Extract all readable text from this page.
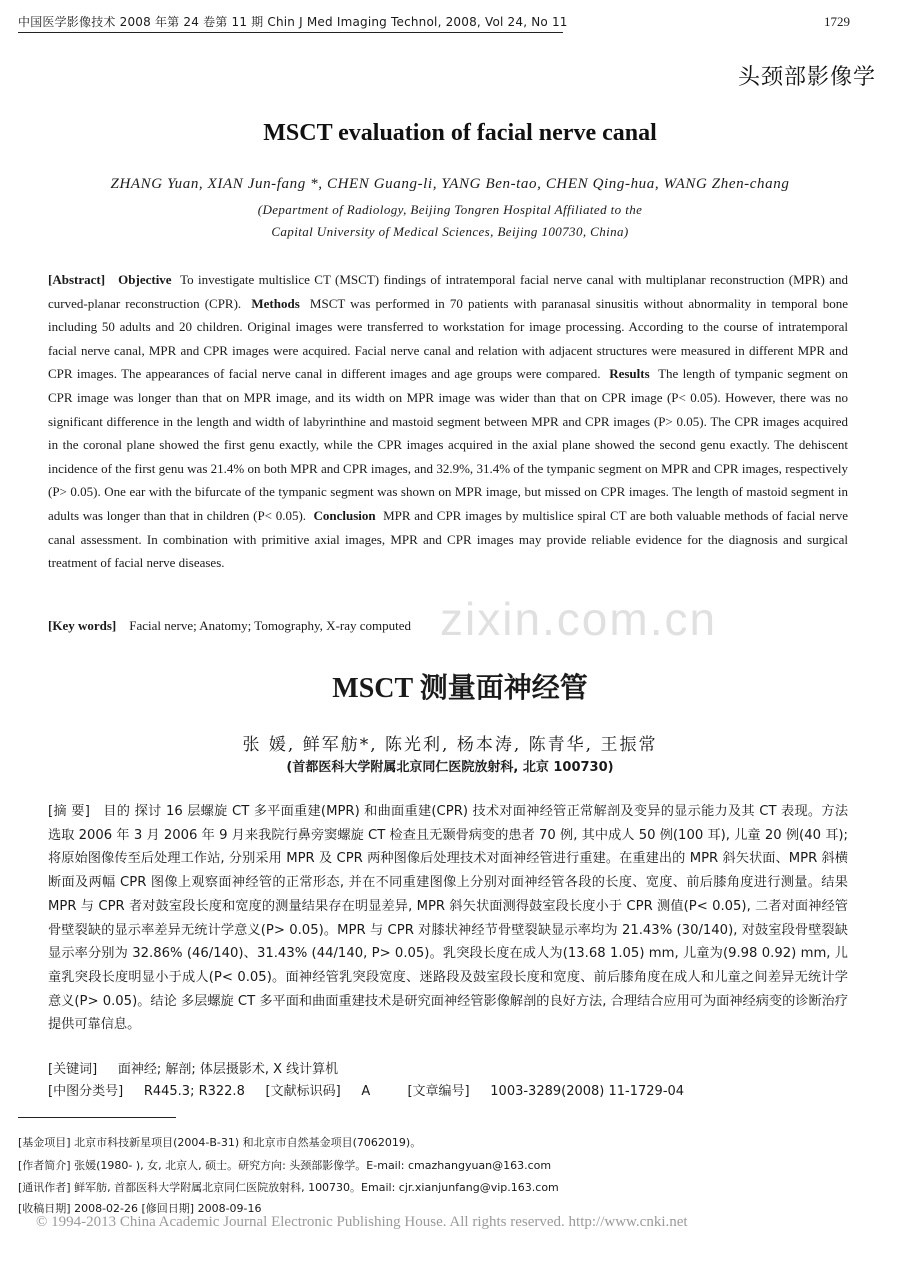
中国医学影像技术 2008 年第 24 卷第 11 期 Chin J Med Imaging Technol, 2008, Vol 24, No 11	1729
头颈部影像学
MSCT evaluation of facial nerve canal
ZHANG Yuan, XIAN Jun-fang *, CHEN Guang-li, YANG Ben-tao, CHEN Qing-hua, WANG Zhen-chang
(Department of Radiology, Beijing Tongren Hospital Affiliated to the
Capital University of Medical Sciences, Beijing 100730, China)
[Abstract] Objective To investigate multislice CT (MSCT) findings of intratemporal facial nerve canal with multiplanar reconstruction (MPR) and curved-planar reconstruction (CPR). Methods MSCT was performed in 70 patients with paranasal sinusitis without abnormality in temporal bone including 50 adults and 20 children. Original images were transferred to workstation for image processing. According to the course of intratemporal facial nerve canal, MPR and CPR images were acquired. Facial nerve canal and relation with adjacent structures were measured in different MPR and CPR images. The appearances of facial nerve canal in different images and age groups were compared. Results The length of tympanic segment on CPR image was longer than that on MPR image, and its width on MPR image was wider than that on CPR image (P< 0.05). However, there was no significant difference in the length and width of labyrinthine and mastoid segment between MPR and CPR images (P> 0.05). The CPR images acquired in the coronal plane showed the first genu exactly, while the CPR images acquired in the axial plane showed the second genu exactly. The dehiscent incidence of the first genu was 21.4% on both MPR and CPR images, and 32.9%, 31.4% of the tympanic segment on MPR and CPR images, respectively (P> 0.05). One ear with the bifurcate of the tympanic segment was shown on MPR image, but missed on CPR images. The length of mastoid segment in adults was longer than that in children (P< 0.05). Conclusion MPR and CPR images by multislice spiral CT are both valuable methods of facial nerve canal assessment. In combination with primitive axial images, MPR and CPR images may provide reliable evidence for the diagnosis and surgical treatment of facial nerve diseases.
zixin.com.cn
[Key words] Facial nerve; Anatomy; Tomography, X-ray computed
MSCT 测量面神经管
张 媛, 鲜军舫*, 陈光利, 杨本涛, 陈青华, 王振常
(首都医科大学附属北京同仁医院放射科, 北京 100730)
[摘 要] 目的 探讨 16 层螺旋 CT 多平面重建(MPR) 和曲面重建(CPR) 技术对面神经管正常解剖及变异的显示能力及其 CT 表现。方法 选取 2006 年 3 月 2006 年 9 月来我院行鼻旁窦螺旋 CT 检查且无颞骨病变的患者 70 例, 其中成人 50 例(100 耳), 儿童 20 例(40 耳); 将原始图像传至后处理工作站, 分别采用 MPR 及 CPR 两种图像后处理技术对面神经管进行重建。在重建出的 MPR 斜矢状面、MPR 斜横断面及两幅 CPR 图像上观察面神经管的正常形态, 并在不同重建图像上分别对面神经管各段的长度、宽度、前后膝角度进行测量。结果 MPR 与 CPR 者对鼓室段长度和宽度的测量结果存在明显差异, MPR 斜矢状面测得鼓室段长度小于 CPR 测值(P< 0.05), 二者对面神经管骨壁裂缺的显示率差异无统计学意义(P> 0.05)。MPR 与 CPR 对膝状神经节骨壁裂缺显示率均为 21.43% (30/140), 对鼓室段骨壁裂缺显示率分别为 32.86% (46/140)、31.43% (44/140, P> 0.05)。乳突段长度在成人为(13.68 1.05) mm, 儿童为(9.98 0.92) mm, 儿童乳突段长度明显小于成人(P< 0.05)。面神经管乳突段宽度、迷路段及鼓室段长度和宽度、前后膝角度在成人和儿童之间差异无统计学意义(P> 0.05)。结论 多层螺旋 CT 多平面和曲面重建技术是研究面神经管影像解剖的良好方法, 合理结合应用可为面神经病变的诊断治疗提供可靠信息。
[关键词] 面神经; 解剖; 体层摄影术, X 线计算机
[中图分类号] R445.3; R322.8 [文献标识码] A	[文章编号] 1003-3289(2008) 11-1729-04
[基金项目] 北京市科技新星项目(2004-B-31) 和北京市自然基金项目(7062019)。
[作者简介] 张媛(1980- ), 女, 北京人, 硕士。研究方向: 头颈部影像学。E-mail: cmazhangyuan@163.com
[通讯作者] 鲜军舫, 首都医科大学附属北京同仁医院放射科, 100730。Email: cjr.xianjunfang@vip.163.com
[收稿日期] 2008-02-26 [修回日期] 2008-09-16
© 1994-2013 China Academic Journal Electronic Publishing House. All rights reserved. http://www.cnki.net
